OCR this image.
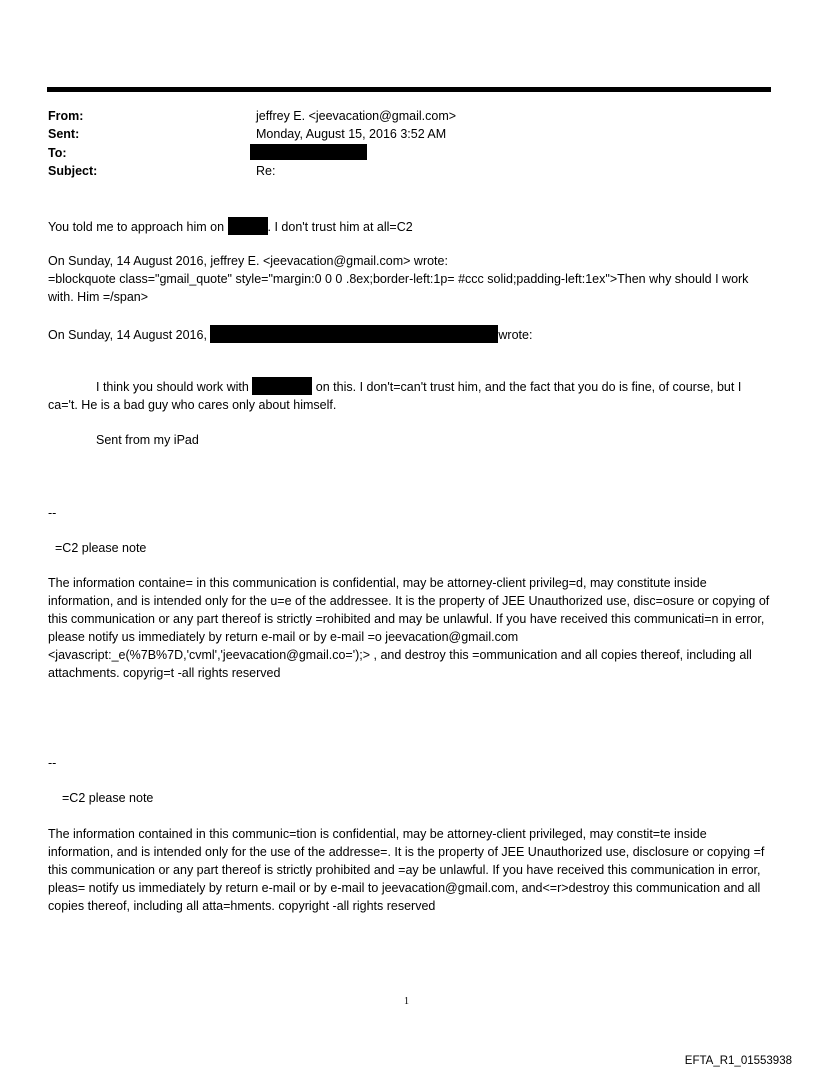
From:	jeffrey E. <jeevacation@gmail.com>
Sent:	Monday, August 15, 2016 3:52 AM
To:
Subject:	Re:
You told me to approach him on	. I don't trust him at all=C2
On Sunday, 14 August 2016, jeffrey E. <jeevacation@gmail.com> wrote:
=blockquote class="gmail_quote" style="margin:0 0 0 .8ex;border-left:1p= #ccc solid;padding-left:1ex">Then why should I work with. Him =/span>
On Sunday, 14 August 2016,	wrote:
I think you should work with	on this. I don't=can't trust him, and the fact that you do is fine, of course, but I ca='t. He is a bad guy who cares only about himself.
Sent from my iPad
--
=C2 please note
The information containe= in this communication is confidential, may be attorney-client privileg=d, may constitute inside information, and is intended only for the u=e of the addressee. It is the property of JEE Unauthorized use, disc=osure or copying of this communication or any part thereof is strictly =rohibited and may be unlawful. If you have received this communicati=n in error, please notify us immediately by return e-mail or by e-mail =o jeevacation@gmail.com <javascript:_e(%7B%7D,'cvml','jeevacation@gmail.co=');> , and destroy this =ommunication and all copies thereof, including all attachments. copyrig=t -all rights reserved
--
=C2 please note
The information contained in this communic=tion is confidential, may be attorney-client privileged, may constit=te inside information, and is intended only for the use of the addresse=. It is the property of JEE Unauthorized use, disclosure or copying =f this communication or any part thereof is strictly prohibited and =ay be unlawful. If you have received this communication in error, pleas= notify us immediately by return e-mail or by e-mail to jeevacation@gmail.com, and<=r>destroy this communication and all copies thereof, including all atta=hments. copyright -all rights reserved
1
EFTA_R1_01553938
